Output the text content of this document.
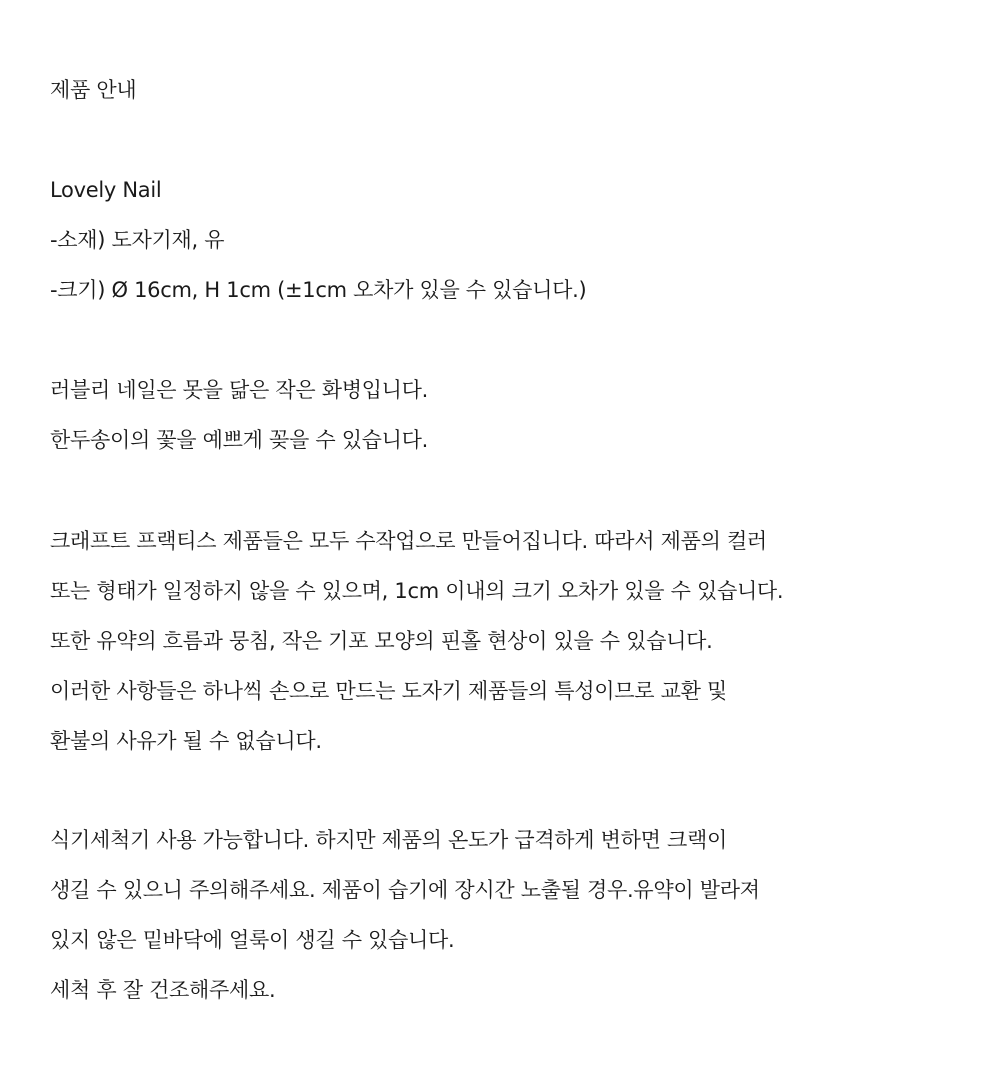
제품 안내
Lovely Nail
-소재) 도자기재, 유
-크기) Ø 16cm, H 1cm (±1cm 오차가 있을 수 있습니다.)
러블리 네일은 못을 닮은 작은 화병입니다.
한두송이의 꽃을 예쁘게 꽂을 수 있습니다.
크래프트 프랙티스 제품들은 모두 수작업으로 만들어집니다. 따라서 제품의 컬러
또는 형태가 일정하지 않을 수 있으며, 1cm 이내의 크기 오차가 있을 수 있습니다.
또한 유약의 흐름과 뭉침, 작은 기포 모양의 핀홀 현상이 있을 수 있습니다.
이러한 사항들은 하나씩 손으로 만드는 도자기 제품들의 특성이므로 교환 및
환불의 사유가 될 수 없습니다.
식기세척기 사용 가능합니다. 하지만 제품의 온도가 급격하게 변하면 크랙이
생길 수 있으니 주의해주세요. 제품이 습기에 장시간 노출될 경우.유약이 발라져
있지 않은 밑바닥에 얼룩이 생길 수 있습니다.
세척 후 잘 건조해주세요.
